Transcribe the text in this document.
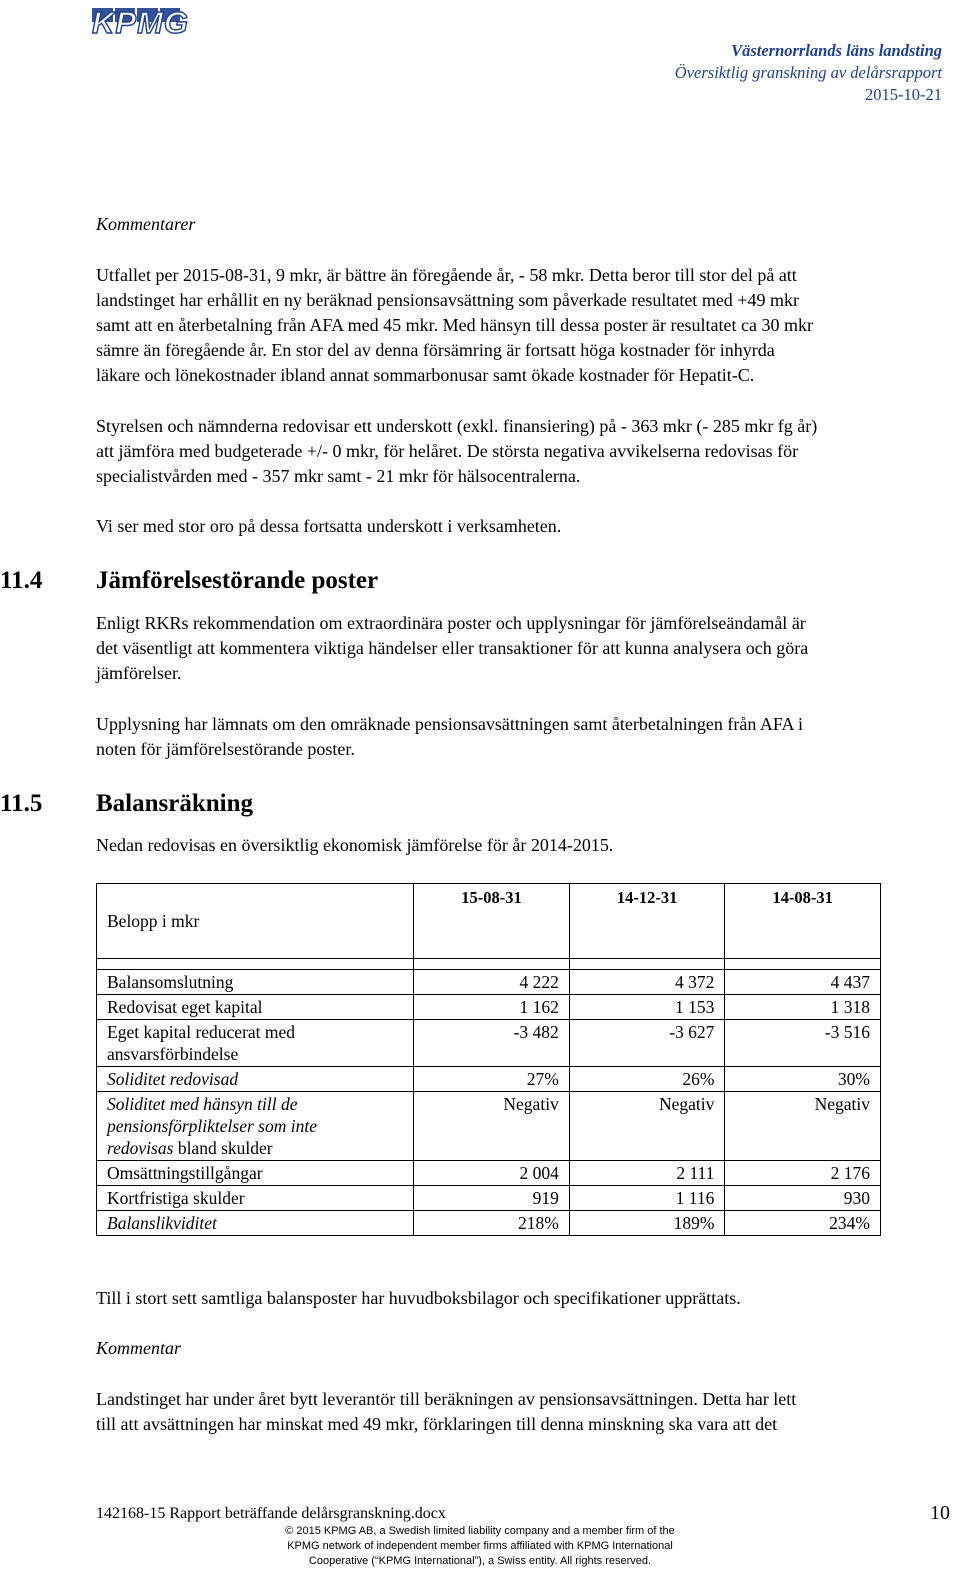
KPMG
Västernorrlands läns landsting
Översiktlig granskning av delårsrapport
2015-10-21
Kommentarer
Utfallet per 2015-08-31, 9 mkr, är bättre än föregående år, - 58 mkr. Detta beror till stor del på att
landstinget har erhållit en ny beräknad pensionsavsättning som påverkade resultatet med +49 mkr
samt att en återbetalning från AFA med 45 mkr. Med hänsyn till dessa poster är resultatet ca 30 mkr
sämre än föregående år. En stor del av denna försämring är fortsatt höga kostnader för inhyrda
läkare och lönekostnader ibland annat sommarbonusar samt ökade kostnader för Hepatit-C.
Styrelsen och nämnderna redovisar ett underskott (exkl. finansiering) på - 363 mkr (- 285 mkr fg år)
att jämföra med budgeterade +/- 0 mkr, för helåret. De största negativa avvikelserna redovisas för
specialistvården med - 357 mkr samt - 21 mkr för hälsocentralerna.
Vi ser med stor oro på dessa fortsatta underskott i verksamheten.
11.4	Jämförelsestörande poster
Enligt RKRs rekommendation om extraordinära poster och upplysningar för jämförelseändamål är
det väsentligt att kommentera viktiga händelser eller transaktioner för att kunna analysera och göra
jämförelser.
Upplysning har lämnats om den omräknade pensionsavsättningen samt återbetalningen från AFA i
noten för jämförelsestörande poster.
11.5	Balansräkning
Nedan redovisas en översiktlig ekonomisk jämförelse för år 2014-2015.
Belopp i mkr	15-08-31	14-12-31	14-08-31

Balansomslutning	4 222	4 372	4 437
Redovisat eget kapital	1 162	1 153	1 318
Eget kapital reducerat med
ansvarsförbindelse	-3 482	-3 627	-3 516
Soliditet redovisad	27%	26%	30%
Soliditet med hänsyn till de
pensionsförpliktelser som inte
redovisas bland skulder	Negativ	Negativ	Negativ
Omsättningstillgångar	2 004	2 111	2 176
Kortfristiga skulder	919	1 116	930
Balanslikviditet	218%	189%	234%
Till i stort sett samtliga balansposter har huvudboksbilagor och specifikationer upprättats.
Kommentar
Landstinget har under året bytt leverantör till beräkningen av pensionsavsättningen. Detta har lett
till att avsättningen har minskat med 49 mkr, förklaringen till denna minskning ska vara att det
142168-15 Rapport beträffande delårsgranskning.docx	10
© 2015 KPMG AB, a Swedish limited liability company and a member firm of the
KPMG network of independent member firms affiliated with KPMG International
Cooperative (“KPMG International”), a Swiss entity. All rights reserved.
